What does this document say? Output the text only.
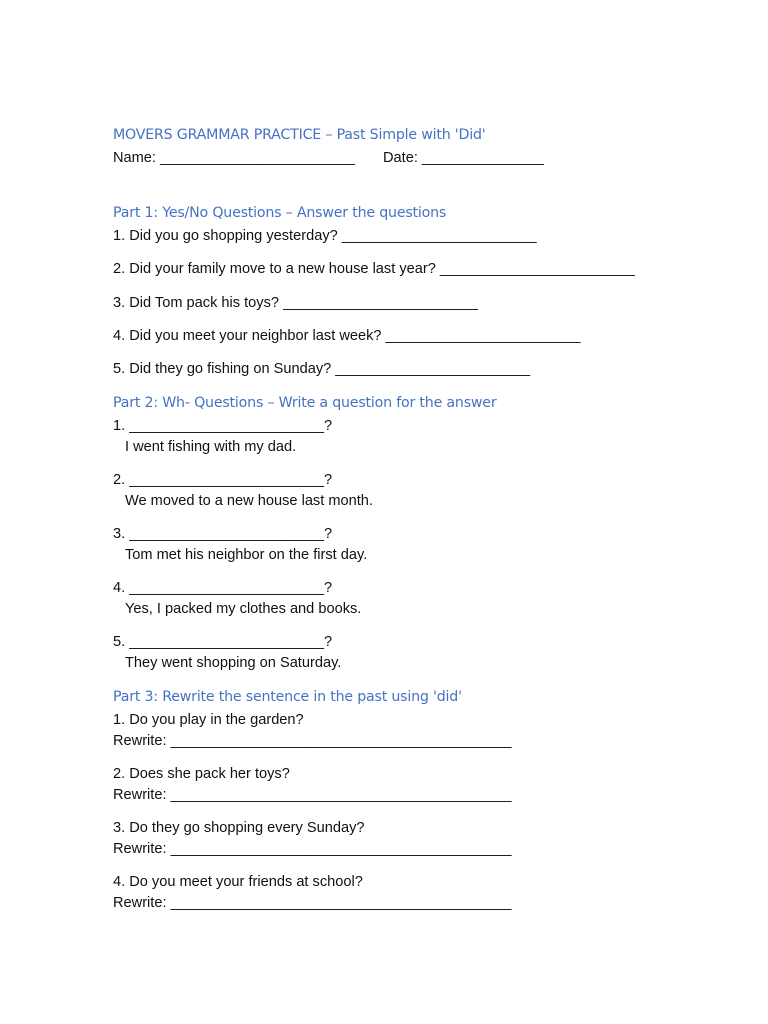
MOVERS GRAMMAR PRACTICE – Past Simple with 'Did'
Name: ________________________ Date: _______________
Part 1: Yes/No Questions – Answer the questions
1. Did you go shopping yesterday? ________________________
2. Did your family move to a new house last year? ________________________
3. Did Tom pack his toys? ________________________
4. Did you meet your neighbor last week? ________________________
5. Did they go fishing on Sunday? ________________________
Part 2: Wh- Questions – Write a question for the answer
1. ________________________?
I went fishing with my dad.
2. ________________________?
We moved to a new house last month.
3. ________________________?
Tom met his neighbor on the first day.
4. ________________________?
Yes, I packed my clothes and books.
5. ________________________?
They went shopping on Saturday.
Part 3: Rewrite the sentence in the past using 'did'
1. Do you play in the garden?
Rewrite: __________________________________________
2. Does she pack her toys?
Rewrite: __________________________________________
3. Do they go shopping every Sunday?
Rewrite: __________________________________________
4. Do you meet your friends at school?
Rewrite: __________________________________________
